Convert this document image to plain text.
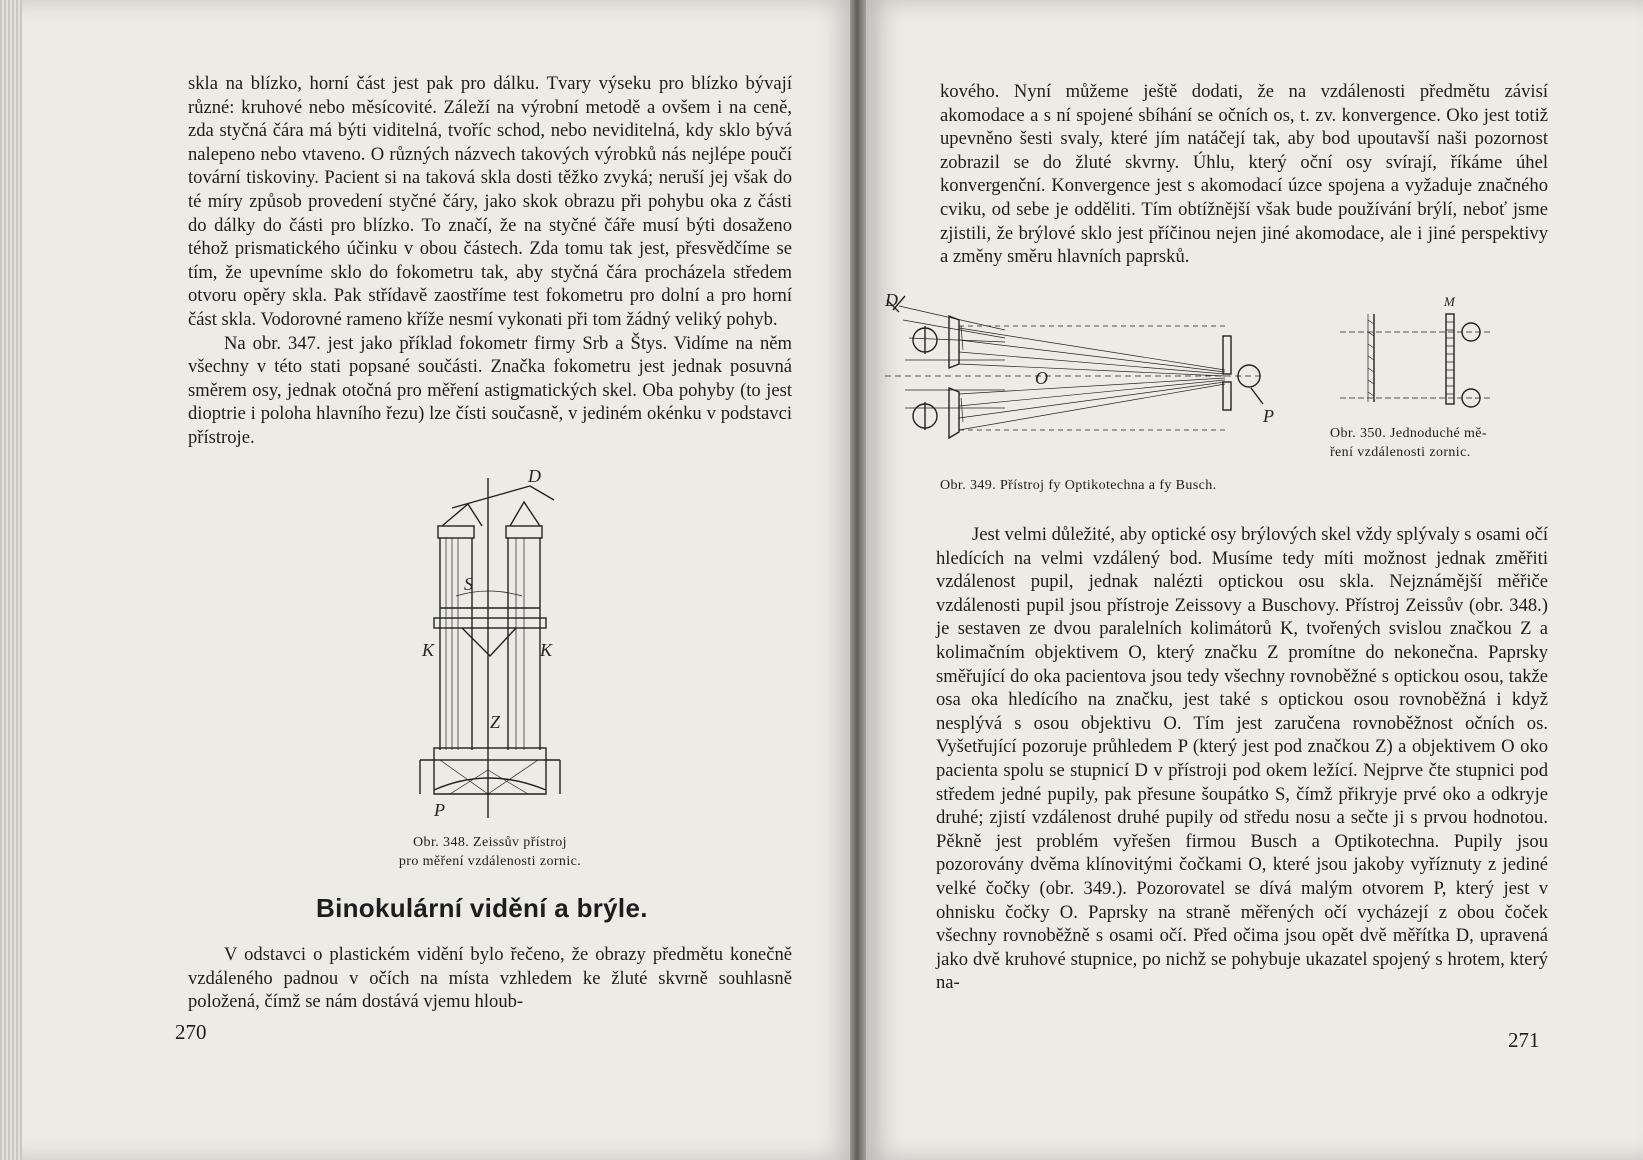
skla na blízko, horní část jest pak pro dálku. Tvary výseku pro blízko bývají různé: kruhové nebo měsícovité. Záleží na výrobní metodě a ovšem i na ceně, zda styčná čára má býti viditelná, tvoříc schod, nebo neviditelná, kdy sklo bývá nalepeno nebo vtaveno. O různých názvech takových výrobků nás nejlépe poučí tovární tiskoviny. Pacient si na taková skla dosti těžko zvyká; neruší jej však do té míry způsob provedení styčné čáry, jako skok obrazu při pohybu oka z části do dálky do části pro blízko. To značí, že na styčné čáře musí býti dosaženo téhož prismatického účinku v obou částech. Zda tomu tak jest, přesvědčíme se tím, že upevníme sklo do fokometru tak, aby styčná čára procházela středem otvoru opěry skla. Pak střídavě zaostříme test fokometru pro dolní a pro horní část skla. Vodorovné rameno kříže nesmí vykonati při tom žádný veliký pohyb.

Na obr. 347. jest jako příklad fokometr firmy Srb a Štys. Vidíme na něm všechny v této stati popsané součásti. Značka fokometru jest jednak posuvná směrem osy, jednak otočná pro měření astigmatických skel. Oba pohyby (to jest dioptrie i poloha hlavního řezu) lze čísti současně, v jediném okénku v podstavci přístroje.

D
S
K	K
Z
P
Obr. 348. Zeissův přístroj
pro měření vzdálenosti zornic.
Binokulární vidění a brýle.

V odstavci o plastickém vidění bylo řečeno, že obrazy předmětu konečně vzdáleného padnou v očích na místa vzhledem ke žluté skvrně souhlasně položená, čímž se nám dostává vjemu hloub-

270

kového. Nyní můžeme ještě dodati, že na vzdálenosti předmětu závisí akomodace a s ní spojené sbíhání se očních os, t. zv. konvergence. Oko jest totiž upevněno šesti svaly, které jím natáčejí tak, aby bod upoutavší naši pozornost zobrazil se do žluté skvrny. Úhlu, který oční osy svírají, říkáme úhel konvergenční. Konvergence jest s akomodací úzce spojena a vyžaduje značného cviku, od sebe je odděliti. Tím obtížnější však bude používání brýlí, neboť jsme zjistili, že brýlové sklo jest příčinou nejen jiné akomodace, ale i jiné perspektivy a změny směru hlavních paprsků.

D
O
P
Obr. 349. Přístroj fy Optikotechna a fy Busch.
M
Obr. 350. Jednoduché mě-
ření vzdálenosti zornic.

Jest velmi důležité, aby optické osy brýlových skel vždy splývaly s osami očí hledících na velmi vzdálený bod. Musíme tedy míti možnost jednak změřiti vzdálenost pupil, jednak nalézti optickou osu skla. Nejznámější měřiče vzdálenosti pupil jsou přístroje Zeissovy a Buschovy. Přístroj Zeissův (obr. 348.) je sestaven ze dvou paralelních kolimátorů K, tvořených svislou značkou Z a kolimačním objektivem O, který značku Z promítne do nekonečna. Paprsky směřující do oka pacientova jsou tedy všechny rovnoběžné s optickou osou, takže osa oka hledícího na značku, jest také s optickou osou rovnoběžná i když nesplývá s osou objektivu O. Tím jest zaručena rovnoběžnost očních os. Vyšetřující pozoruje průhledem P (který jest pod značkou Z) a objektivem O oko pacienta spolu se stupnicí D v přístroji pod okem ležící. Nejprve čte stupnici pod středem jedné pupily, pak přesune šoupátko S, čímž přikryje prvé oko a odkryje druhé; zjistí vzdálenost druhé pupily od středu nosu a sečte ji s prvou hodnotou. Pěkně jest problém vyřešen firmou Busch a Optikotechna. Pupily jsou pozorovány dvěma klínovitými čočkami O, které jsou jakoby vyříznuty z jediné velké čočky (obr. 349.). Pozorovatel se dívá malým otvorem P, který jest v ohnisku čočky O. Paprsky na straně měřených očí vycházejí z obou čoček všechny rovnoběžně s osami očí. Před očima jsou opět dvě měřítka D, upravená jako dvě kruhové stupnice, po nichž se pohybuje ukazatel spojený s hrotem, který na-

271
